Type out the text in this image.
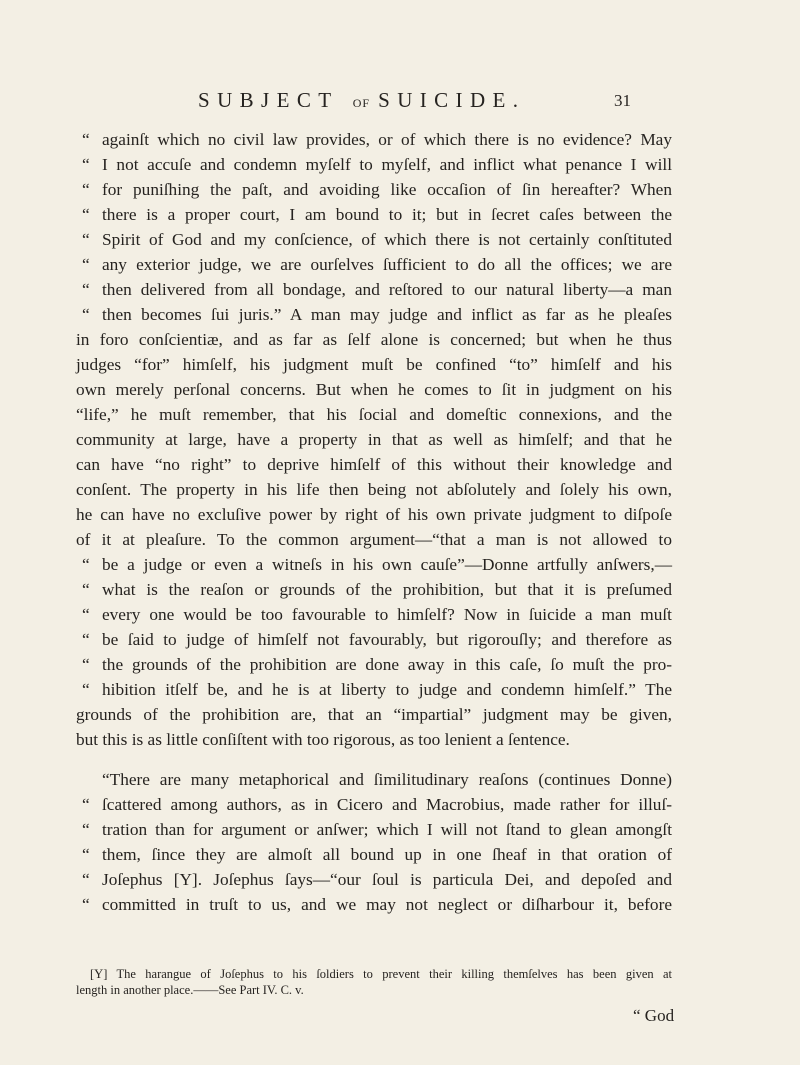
SUBJECT OF SUICIDE.	31
“ againſt which no civil law provides, or of which there is no evidence? May
“ I not accuſe and condemn myſelf to myſelf, and inflict what penance I will
“ for puniſhing the paſt, and avoiding like occaſion of ſin hereafter? When
“ there is a proper court, I am bound to it; but in ſecret caſes between the
“ Spirit of God and my conſcience, of which there is not certainly conſtituted
“ any exterior judge, we are ourſelves ſufficient to do all the offices; we are
“ then delivered from all bondage, and reſtored to our natural liberty—a man
“ then becomes ſui juris.” A man may judge and inflict as far as he pleaſes
in foro conſcientiæ, and as far as ſelf alone is concerned; but when he thus
judges “for” himſelf, his judgment muſt be confined “to” himſelf and his
own merely perſonal concerns. But when he comes to ſit in judgment on his
“life,” he muſt remember, that his ſocial and domeſtic connexions, and the
community at large, have a property in that as well as himſelf; and that he
can have “no right” to deprive himſelf of this without their knowledge and
conſent. The property in his life then being not abſolutely and ſolely his own,
he can have no excluſive power by right of his own private judgment to diſpoſe
of it at pleaſure. To the common argument—“that a man is not allowed to
“ be a judge or even a witneſs in his own cauſe”—Donne artfully anſwers,—
“ what is the reaſon or grounds of the prohibition, but that it is preſumed
“ every one would be too favourable to himſelf? Now in ſuicide a man muſt
“ be ſaid to judge of himſelf not favourably, but rigorouſly; and therefore as
“ the grounds of the prohibition are done away in this caſe, ſo muſt the pro-
“ hibition itſelf be, and he is at liberty to judge and condemn himſelf.” The
grounds of the prohibition are, that an “impartial” judgment may be given,
but this is as little conſiſtent with too rigorous, as too lenient a ſentence.
“There are many metaphorical and ſimilitudinary reaſons (continues Donne)
“ ſcattered among authors, as in Cicero and Macrobius, made rather for illuſ-
“ tration than for argument or anſwer; which I will not ſtand to glean amongſt
“ them, ſince they are almoſt all bound up in one ſheaf in that oration of
“ Joſephus [Y]. Joſephus ſays—“our ſoul is particula Dei, and depoſed and
“ committed in truſt to us, and we may not neglect or diſharbour it, before
[Y] The harangue of Joſephus to his ſoldiers to prevent their killing themſelves has been given at
length in another place.——See Part IV. C. v.
“ God
